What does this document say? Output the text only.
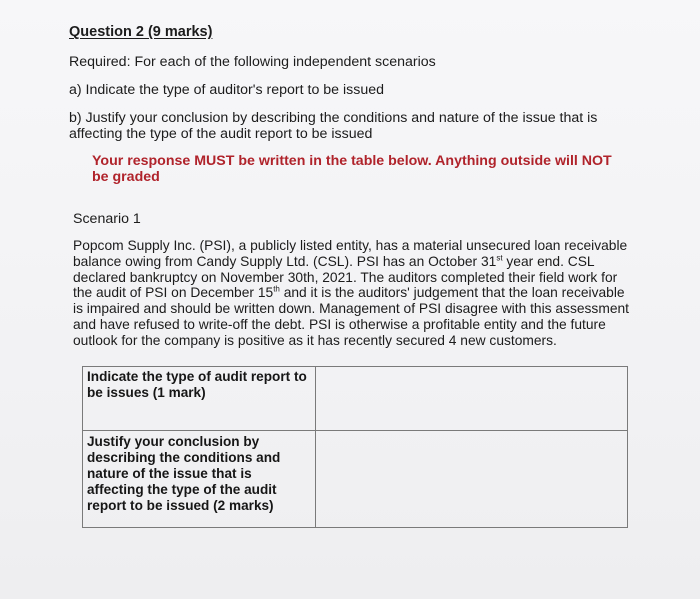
Question 2 (9 marks)
Required: For each of the following independent scenarios
a) Indicate the type of auditor's report to be issued
b) Justify your conclusion by describing the conditions and nature of the issue that is affecting the type of the audit report to be issued
Your response MUST be written in the table below. Anything outside will NOT be graded
Scenario 1
Popcom Supply Inc. (PSI), a publicly listed entity, has a material unsecured loan receivable balance owing from Candy Supply Ltd. (CSL). PSI has an October 31st year end. CSL declared bankruptcy on November 30th, 2021. The auditors completed their field work for the audit of PSI on December 15th and it is the auditors' judgement that the loan receivable is impaired and should be written down. Management of PSI disagree with this assessment and have refused to write-off the debt. PSI is otherwise a profitable entity and the future outlook for the company is positive as it has recently secured 4 new customers.
Indicate the type of audit report to be issues (1 mark)
Justify your conclusion by describing the conditions and nature of the issue that is affecting the type of the audit report to be issued (2 marks)
